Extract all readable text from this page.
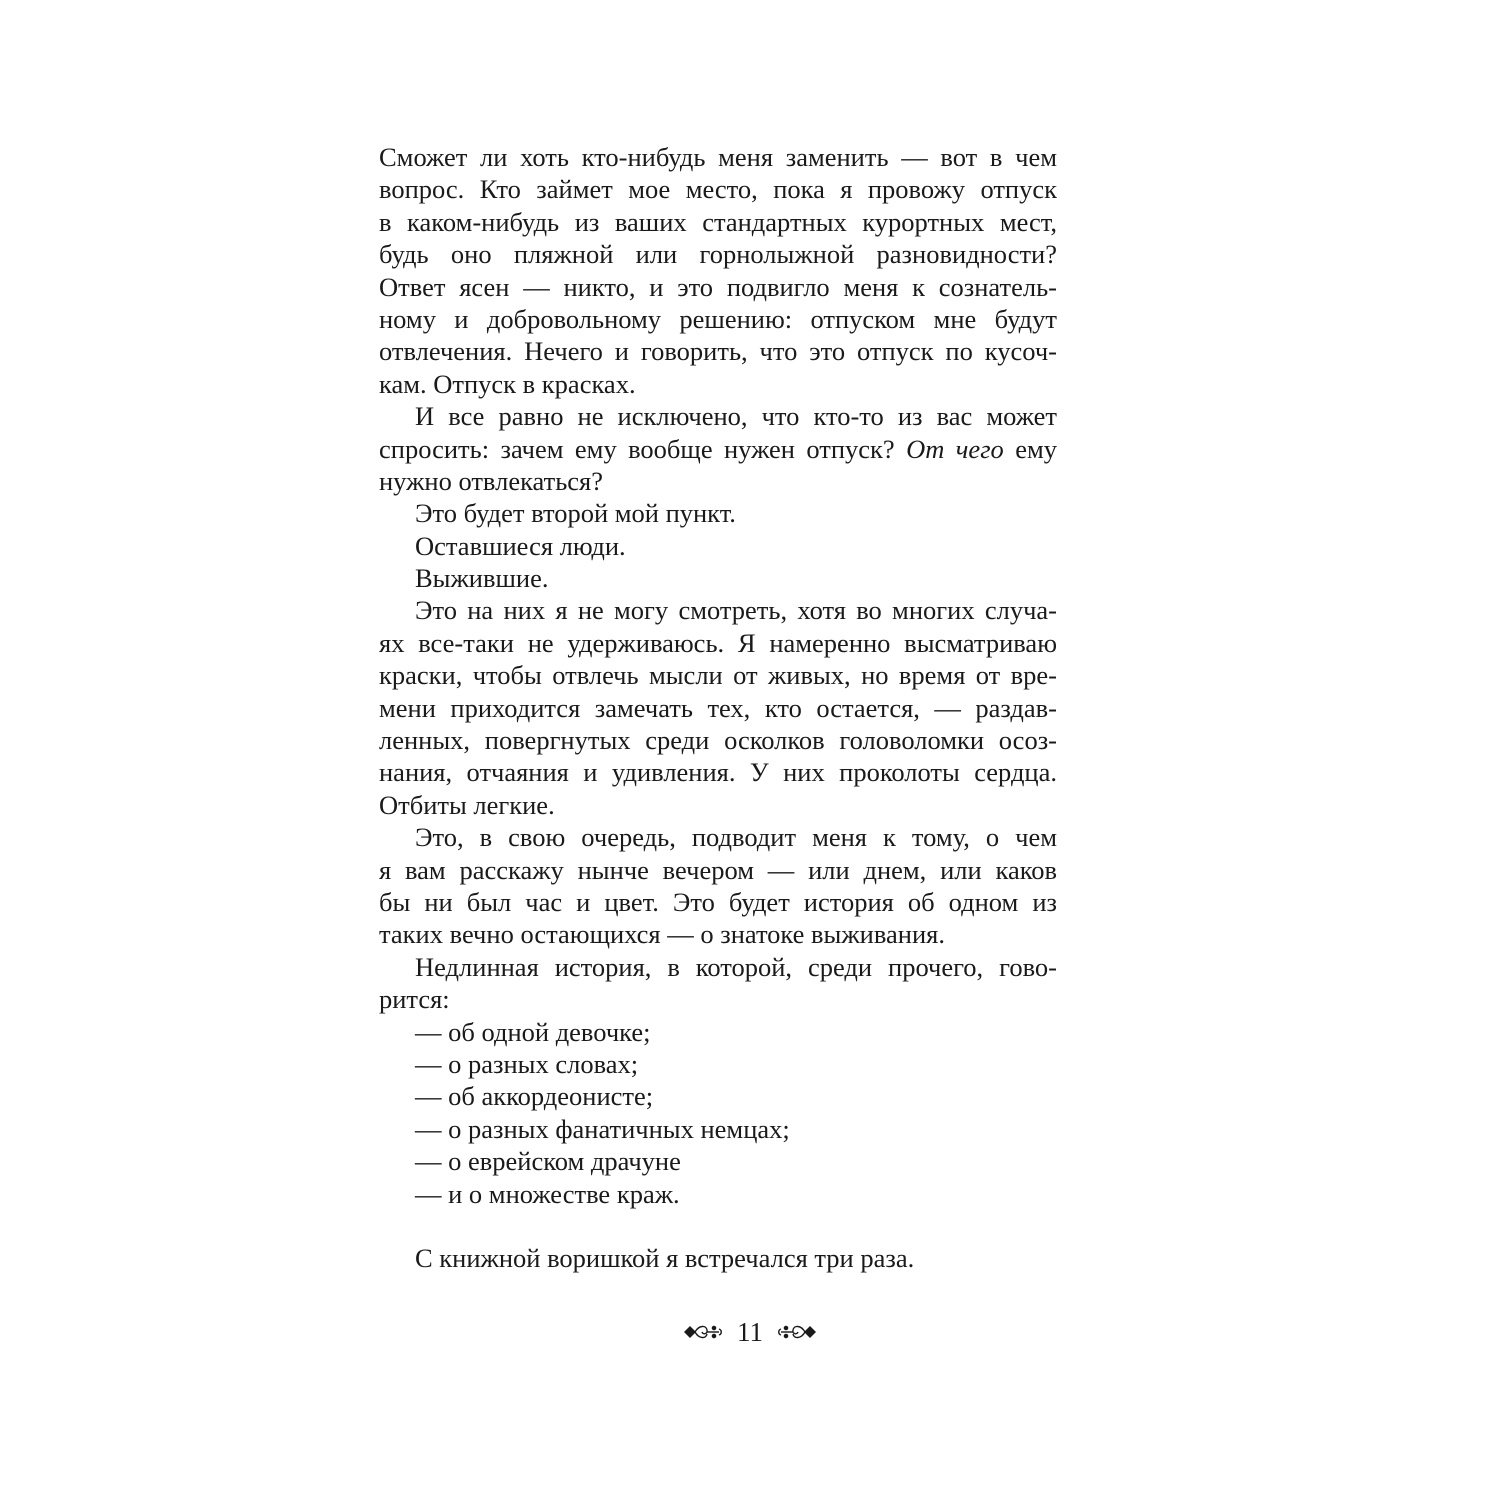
Сможет ли хоть кто-нибудь меня заменить — вот в чем
вопрос. Кто займет мое место, пока я провожу отпуск
в каком-нибудь из ваших стандартных курортных мест,
будь оно пляжной или горнолыжной разновидности?
Ответ ясен — никто, и это подвигло меня к сознатель-
ному и добровольному решению: отпуском мне будут
отвлечения. Нечего и говорить, что это отпуск по кусоч-
кам. Отпуск в красках.
И все равно не исключено, что кто-то из вас может
спросить: зачем ему вообще нужен отпуск? От чего ему
нужно отвлекаться?
Это будет второй мой пункт.
Оставшиеся люди.
Выжившие.
Это на них я не могу смотреть, хотя во многих случа-
ях все-таки не удерживаюсь. Я намеренно высматриваю
краски, чтобы отвлечь мысли от живых, но время от вре-
мени приходится замечать тех, кто остается, — раздав-
ленных, повергнутых среди осколков головоломки осоз-
нания, отчаяния и удивления. У них проколоты сердца.
Отбиты легкие.
Это, в свою очередь, подводит меня к тому, о чем
я вам расскажу нынче вечером — или днем, или каков
бы ни был час и цвет. Это будет история об одном из
таких вечно остающихся — о знатоке выживания.
Недлинная история, в которой, среди прочего, гово-
рится:
— об одной девочке;
— о разных словах;
— об аккордеонисте;
— о разных фанатичных немцах;
— о еврейском драчуне
— и о множестве краж.
С книжной воришкой я встречался три раза.
11
